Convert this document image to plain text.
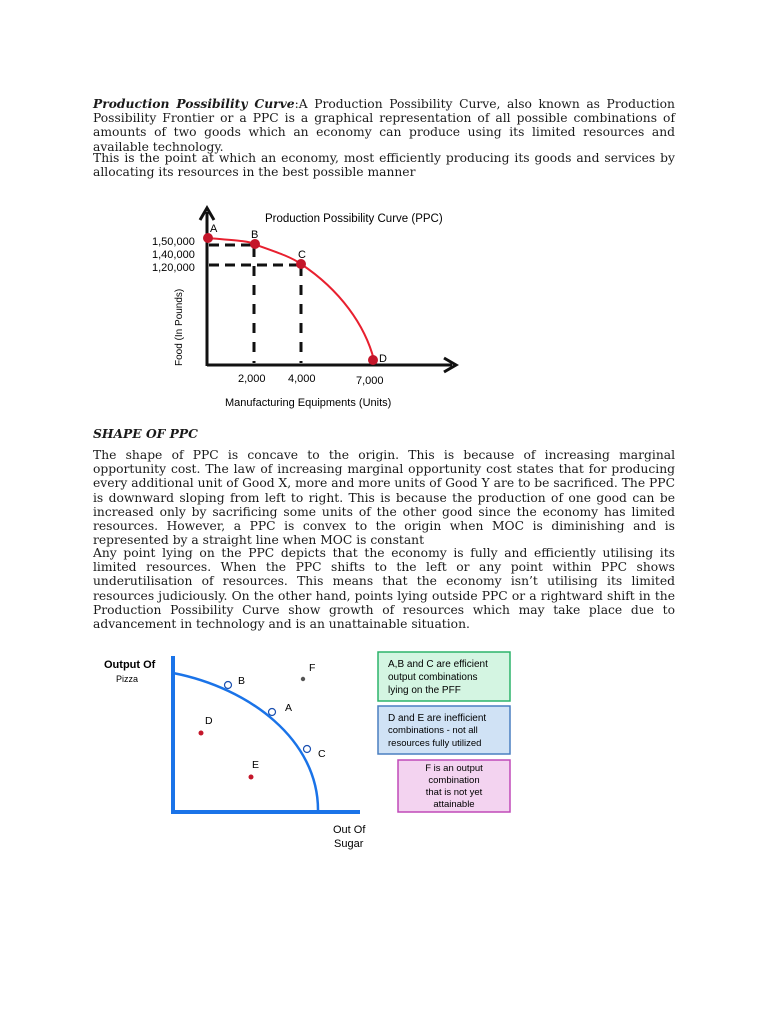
Production Possibility Curve:A Production Possibility Curve, also known as Production Possibility Frontier or a PPC is a graphical representation of all possible combinations of amounts of two goods which an economy can produce using its limited resources and available technology.

This is the point at which an economy, most efficiently producing its goods and services by allocating its resources in the best possible manner

A	B
C
D
Production Possibility Curve (PPC)
1,50,000
1,40,000
1,20,000
2,000 4,000	7,000
Food (In Pounds)
Manufacturing Equipments (Units)

SHAPE OF PPC

The shape of PPC is concave to the origin. This is because of increasing marginal opportunity cost. The law of increasing marginal opportunity cost states that for producing every additional unit of Good X, more and more units of Good Y are to be sacrificed. The PPC is downward sloping from left to right. This is because the production of one good can be increased only by sacrificing some units of the other good since the economy has limited resources. However, a PPC is convex to the origin when MOC is diminishing and is represented by a straight line when MOC is constant

Any point lying on the PPC depicts that the economy is fully and efficiently utilising its limited resources. When the PPC shifts to the left or any point within PPC shows underutilisation of resources. This means that the economy isn’t utilising its limited resources judiciously. On the other hand, points lying outside PPC or a rightward shift in the Production Possibility Curve show growth of resources which may take place due to advancement in technology and is an unattainable situation.

B
A
C
D
E
F
Output Of
Pizza
Out Of
Sugar
A,B and C are efficient
output combinations
lying on the PFF
D and E are inefficient
combinations - not all
resources fully utilized
F is an output
combination
that is not yet
attainable
